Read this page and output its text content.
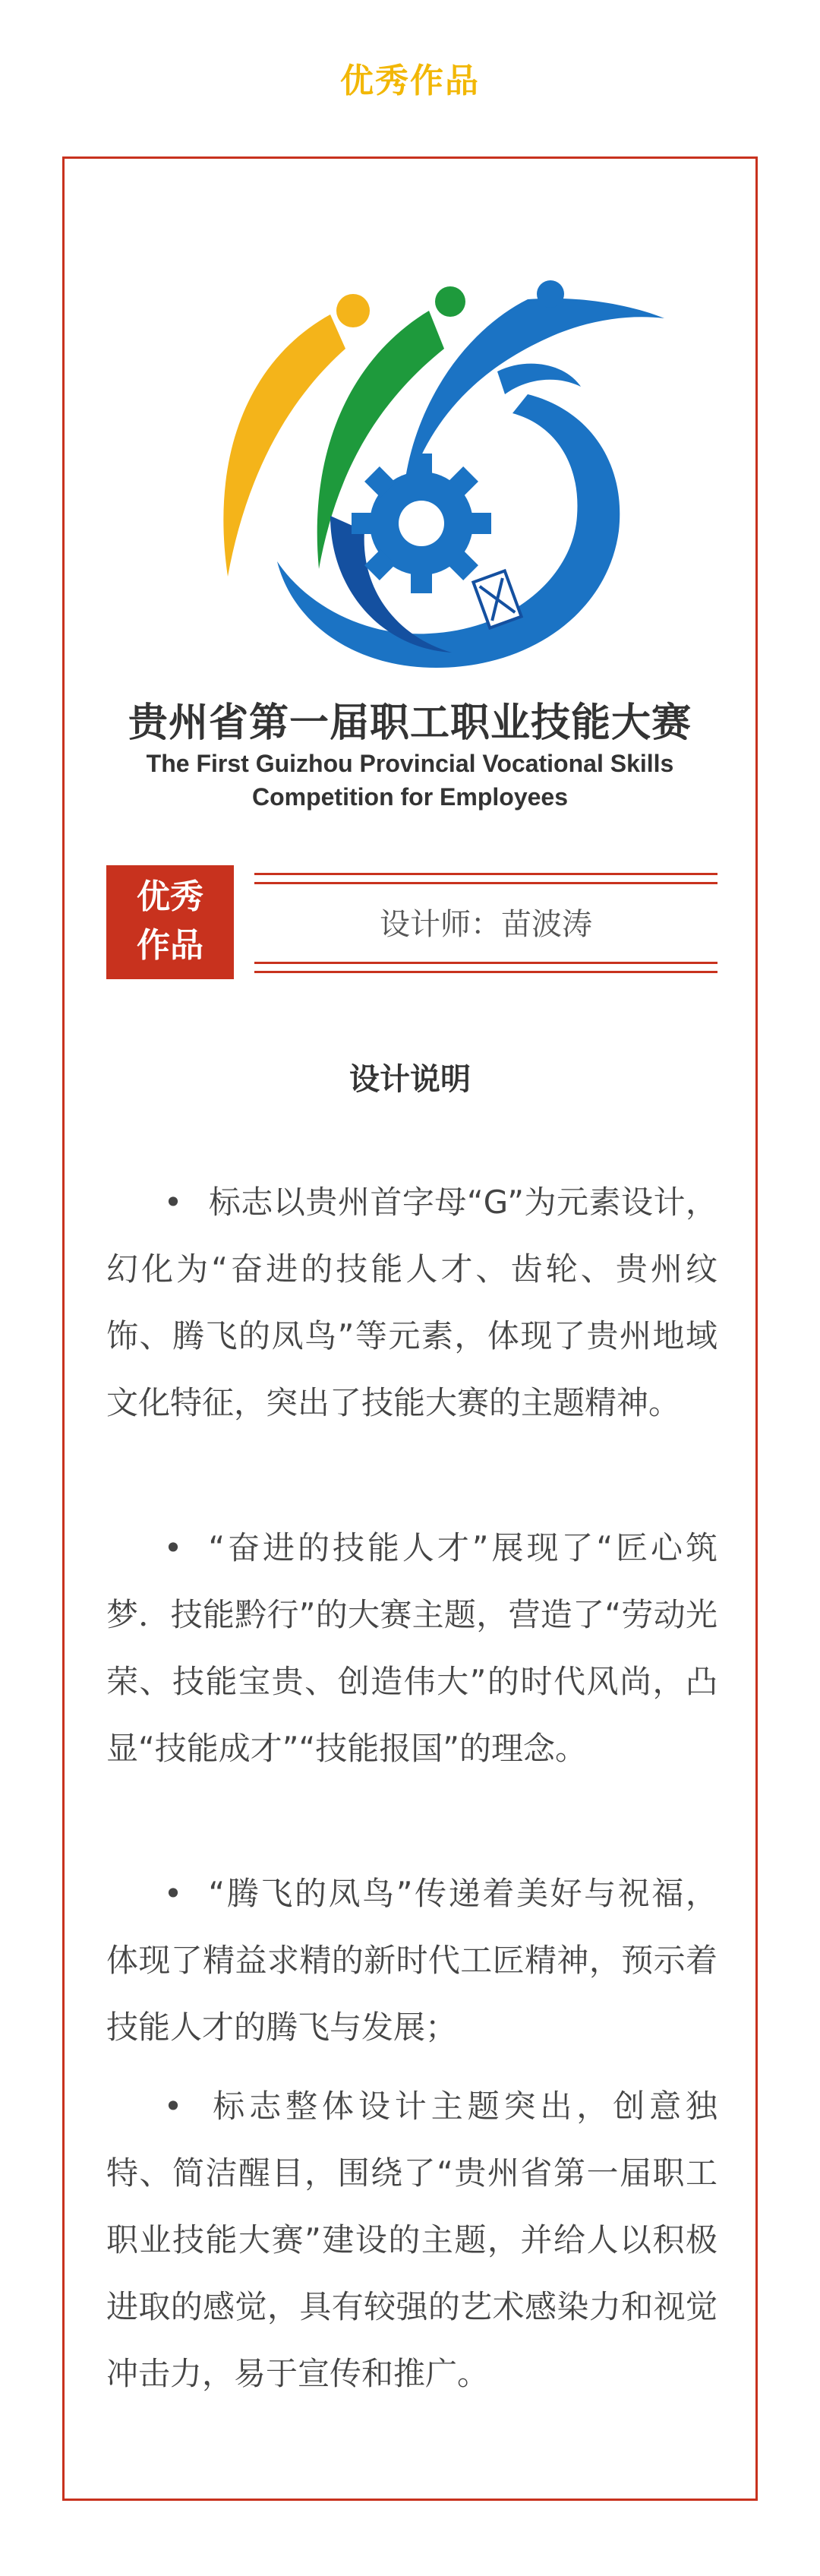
优秀作品
贵州省第一届职工职业技能大赛
The First Guizhou Provincial Vocational Skills
Competition for Employees
优秀
作品
设计师：苗波涛
设计说明
• 标志以贵州首字母“G”为元素设计，幻化为“奋进的技能人才、齿轮、贵州纹饰、腾飞的凤鸟”等元素，体现了贵州地域文化特征，突出了技能大赛的主题精神。
• “奋进的技能人才”展现了“匠心筑梦．技能黔行”的大赛主题，营造了“劳动光荣、技能宝贵、创造伟大”的时代风尚，凸显“技能成才”“技能报国”的理念。
• “腾飞的凤鸟”传递着美好与祝福，体现了精益求精的新时代工匠精神，预示着技能人才的腾飞与发展；
• 标志整体设计主题突出，创意独特、简洁醒目，围绕了“贵州省第一届职工职业技能大赛”建设的主题，并给人以积极进取的感觉，具有较强的艺术感染力和视觉冲击力，易于宣传和推广。
